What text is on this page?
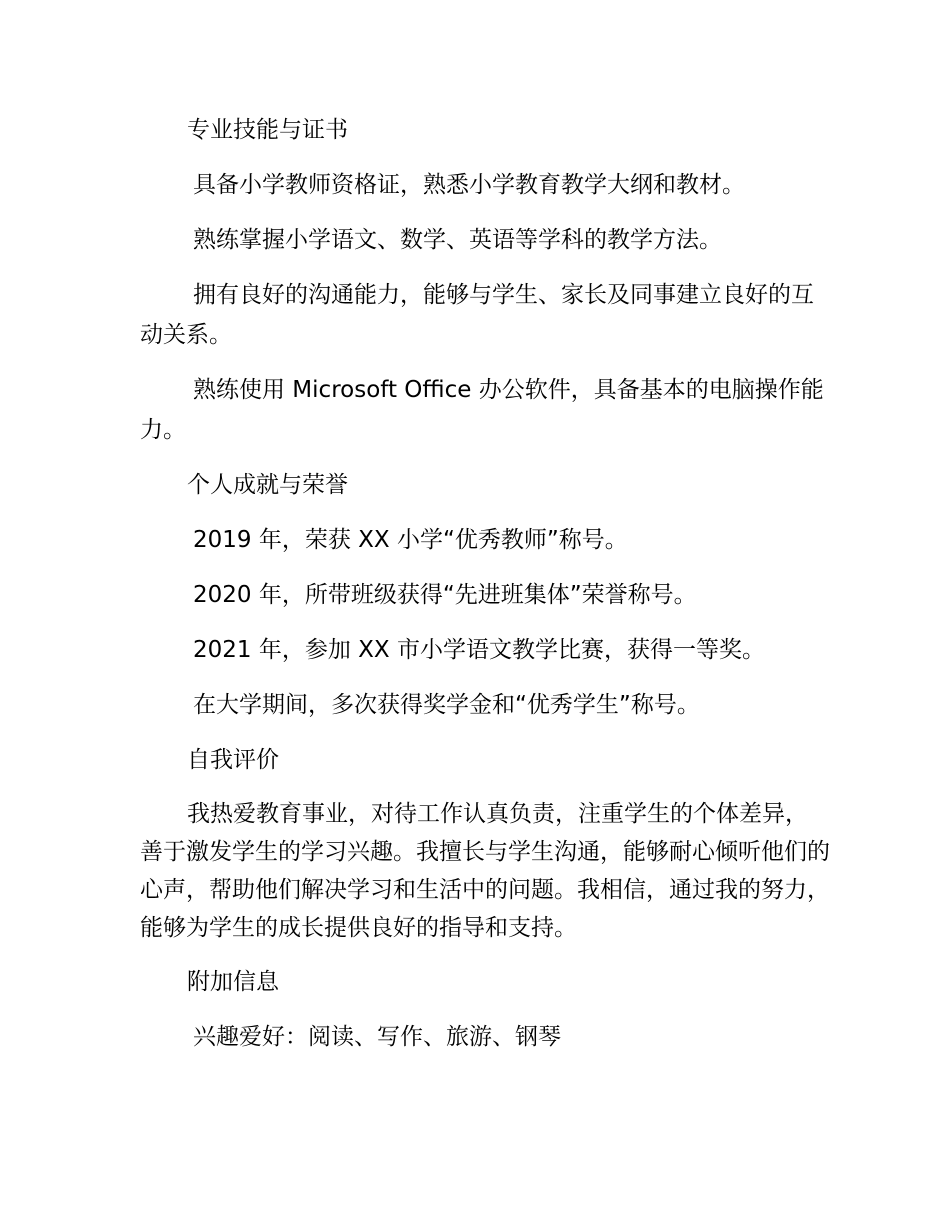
专业技能与证书
具备小学教师资格证，熟悉小学教育教学大纲和教材。
熟练掌握小学语文、数学、英语等学科的教学方法。
拥有良好的沟通能力，能够与学生、家长及同事建立良好的互动关系。
熟练使用 Microsoft Office 办公软件，具备基本的电脑操作能力。
个人成就与荣誉
2019 年，荣获 XX 小学“优秀教师”称号。
2020 年，所带班级获得“先进班集体”荣誉称号。
2021 年，参加 XX 市小学语文教学比赛，获得一等奖。
在大学期间，多次获得奖学金和“优秀学生”称号。
自我评价
我热爱教育事业，对待工作认真负责，注重学生的个体差异，善于激发学生的学习兴趣。我擅长与学生沟通，能够耐心倾听他们的心声，帮助他们解决学习和生活中的问题。我相信，通过我的努力，能够为学生的成长提供良好的指导和支持。
附加信息
兴趣爱好：阅读、写作、旅游、钢琴
